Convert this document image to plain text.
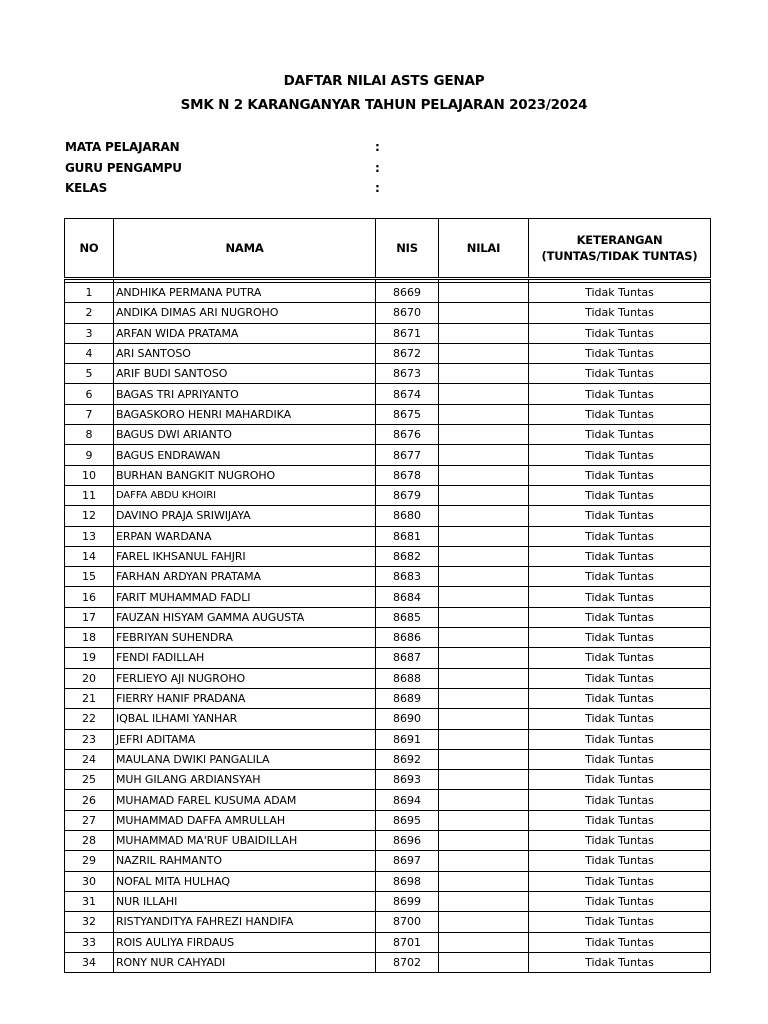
DAFTAR NILAI ASTS GENAP
SMK N 2 KARANGANYAR TAHUN PELAJARAN 2023/2024
MATA PELAJARAN	:
GURU PENGAMPU	:
KELAS	:
NO	NAMA	NIS	NILAI	KETERANGAN
(TUNTAS/TIDAK TUNTAS)

1	ANDHIKA PERMANA PUTRA	8669		Tidak Tuntas
2	ANDIKA DIMAS ARI NUGROHO	8670		Tidak Tuntas
3	ARFAN WIDA PRATAMA	8671		Tidak Tuntas
4	ARI SANTOSO	8672		Tidak Tuntas
5	ARIF BUDI SANTOSO	8673		Tidak Tuntas
6	BAGAS TRI APRIYANTO	8674		Tidak Tuntas
7	BAGASKORO HENRI MAHARDIKA	8675		Tidak Tuntas
8	BAGUS DWI ARIANTO	8676		Tidak Tuntas
9	BAGUS ENDRAWAN	8677		Tidak Tuntas
10	BURHAN BANGKIT NUGROHO	8678		Tidak Tuntas
11	DAFFA ABDU KHOIRI	8679		Tidak Tuntas
12	DAVINO PRAJA SRIWIJAYA	8680		Tidak Tuntas
13	ERPAN WARDANA	8681		Tidak Tuntas
14	FAREL IKHSANUL FAHJRI	8682		Tidak Tuntas
15	FARHAN ARDYAN PRATAMA	8683		Tidak Tuntas
16	FARIT MUHAMMAD FADLI	8684		Tidak Tuntas
17	FAUZAN HISYAM GAMMA AUGUSTA	8685		Tidak Tuntas
18	FEBRIYAN SUHENDRA	8686		Tidak Tuntas
19	FENDI FADILLAH	8687		Tidak Tuntas
20	FERLIEYO AJI NUGROHO	8688		Tidak Tuntas
21	FIERRY HANIF PRADANA	8689		Tidak Tuntas
22	IQBAL ILHAMI YANHAR	8690		Tidak Tuntas
23	JEFRI ADITAMA	8691		Tidak Tuntas
24	MAULANA DWIKI PANGALILA	8692		Tidak Tuntas
25	MUH GILANG ARDIANSYAH	8693		Tidak Tuntas
26	MUHAMAD FAREL KUSUMA ADAM	8694		Tidak Tuntas
27	MUHAMMAD DAFFA AMRULLAH	8695		Tidak Tuntas
28	MUHAMMAD MA'RUF UBAIDILLAH	8696		Tidak Tuntas
29	NAZRIL RAHMANTO	8697		Tidak Tuntas
30	NOFAL MITA HULHAQ	8698		Tidak Tuntas
31	NUR ILLAHI	8699		Tidak Tuntas
32	RISTYANDITYA FAHREZI HANDIFA	8700		Tidak Tuntas
33	ROIS AULIYA FIRDAUS	8701		Tidak Tuntas
34	RONY NUR CAHYADI	8702		Tidak Tuntas
